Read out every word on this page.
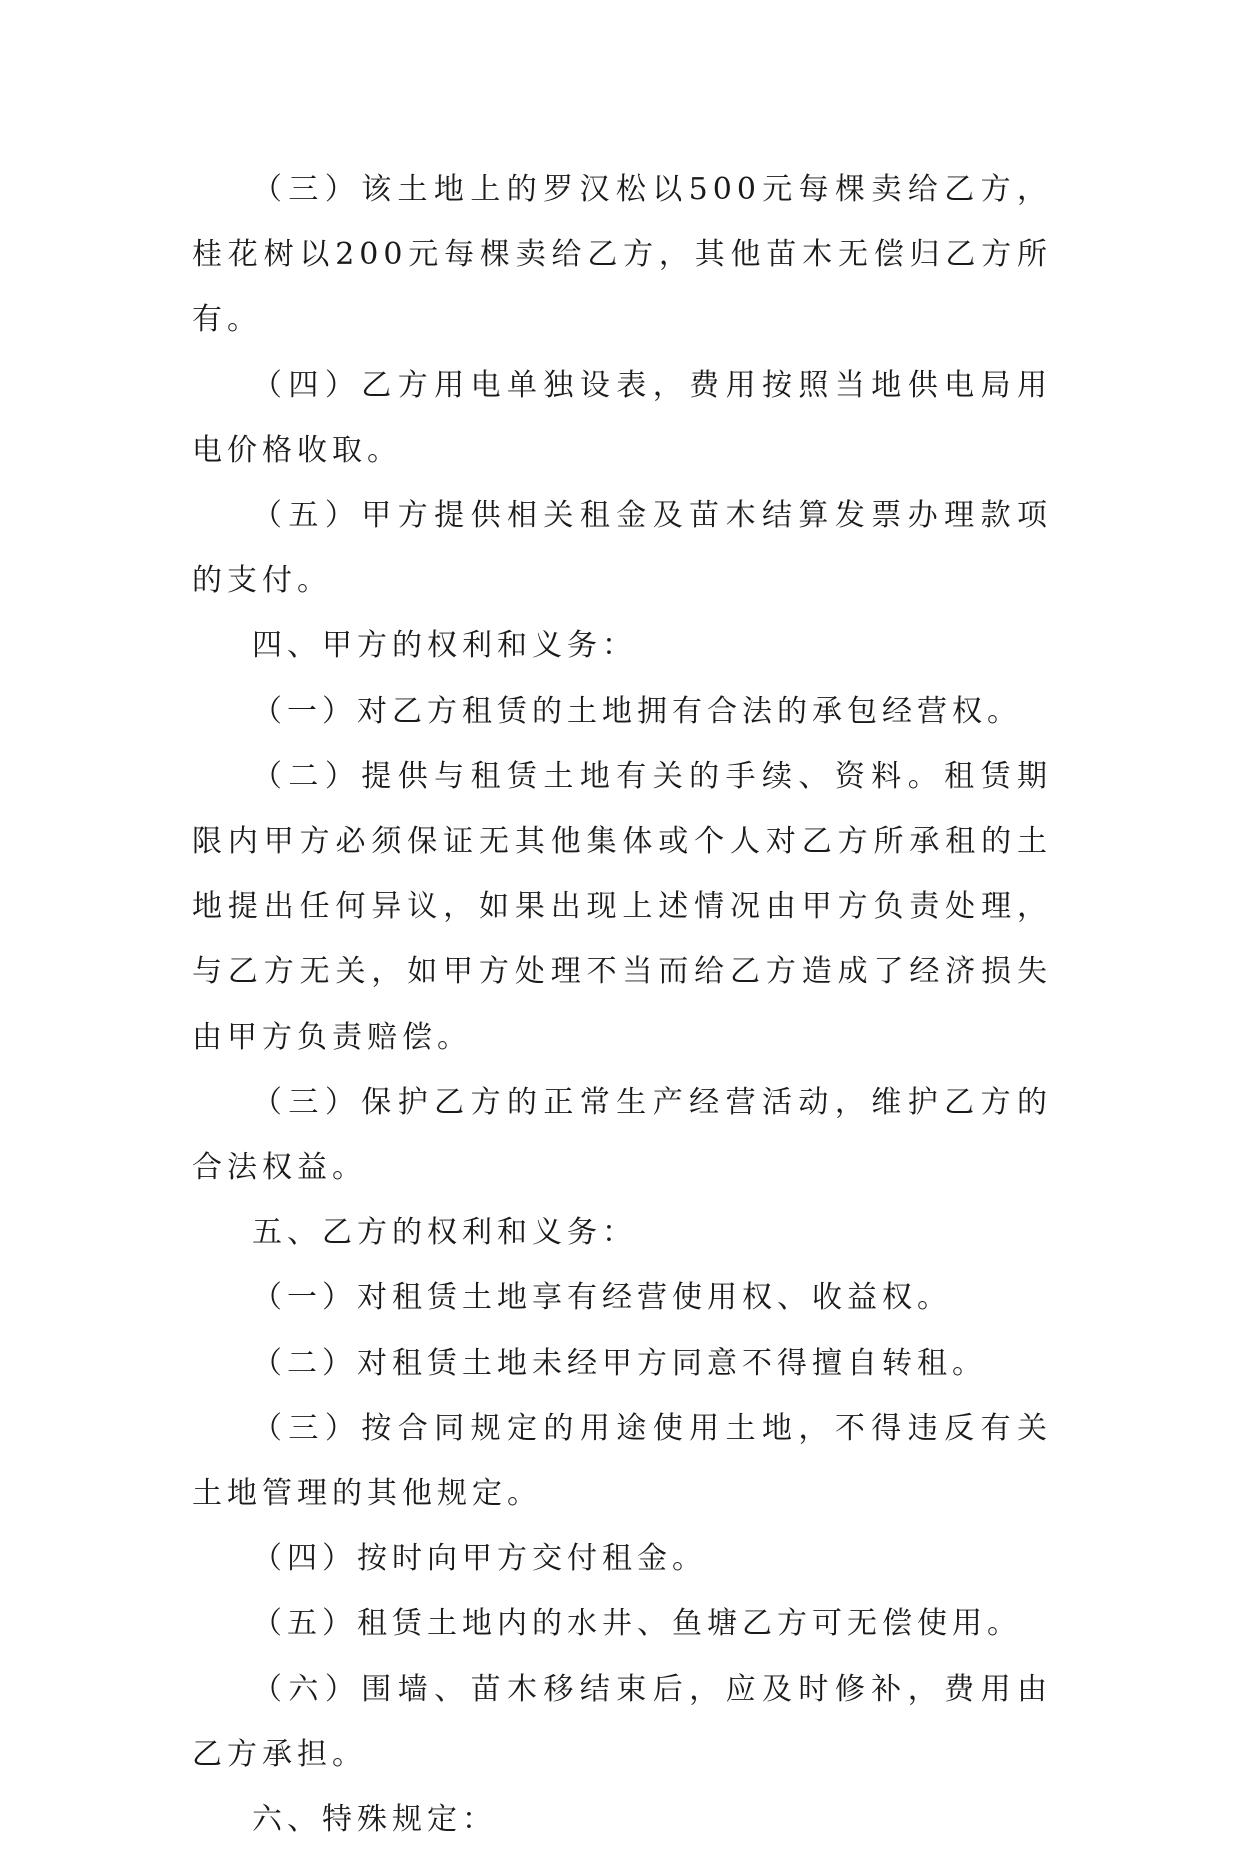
（三）该土地上的罗汉松以500元每棵卖给乙方，桂花树以200元每棵卖给乙方，其他苗木无偿归乙方所有。

（四）乙方用电单独设表，费用按照当地供电局用电价格收取。

（五）甲方提供相关租金及苗木结算发票办理款项的支付。

四、甲方的权利和义务：

（一）对乙方租赁的土地拥有合法的承包经营权。

（二）提供与租赁土地有关的手续、资料。租赁期限内甲方必须保证无其他集体或个人对乙方所承租的土地提出任何异议，如果出现上述情况由甲方负责处理，与乙方无关，如甲方处理不当而给乙方造成了经济损失由甲方负责赔偿。

（三）保护乙方的正常生产经营活动，维护乙方的合法权益。

五、乙方的权利和义务：

（一）对租赁土地享有经营使用权、收益权。

（二）对租赁土地未经甲方同意不得擅自转租。

（三）按合同规定的用途使用土地，不得违反有关土地管理的其他规定。

（四）按时向甲方交付租金。

（五）租赁土地内的水井、鱼塘乙方可无偿使用。

（六）围墙、苗木移结束后，应及时修补，费用由乙方承担。

六、特殊规定：
